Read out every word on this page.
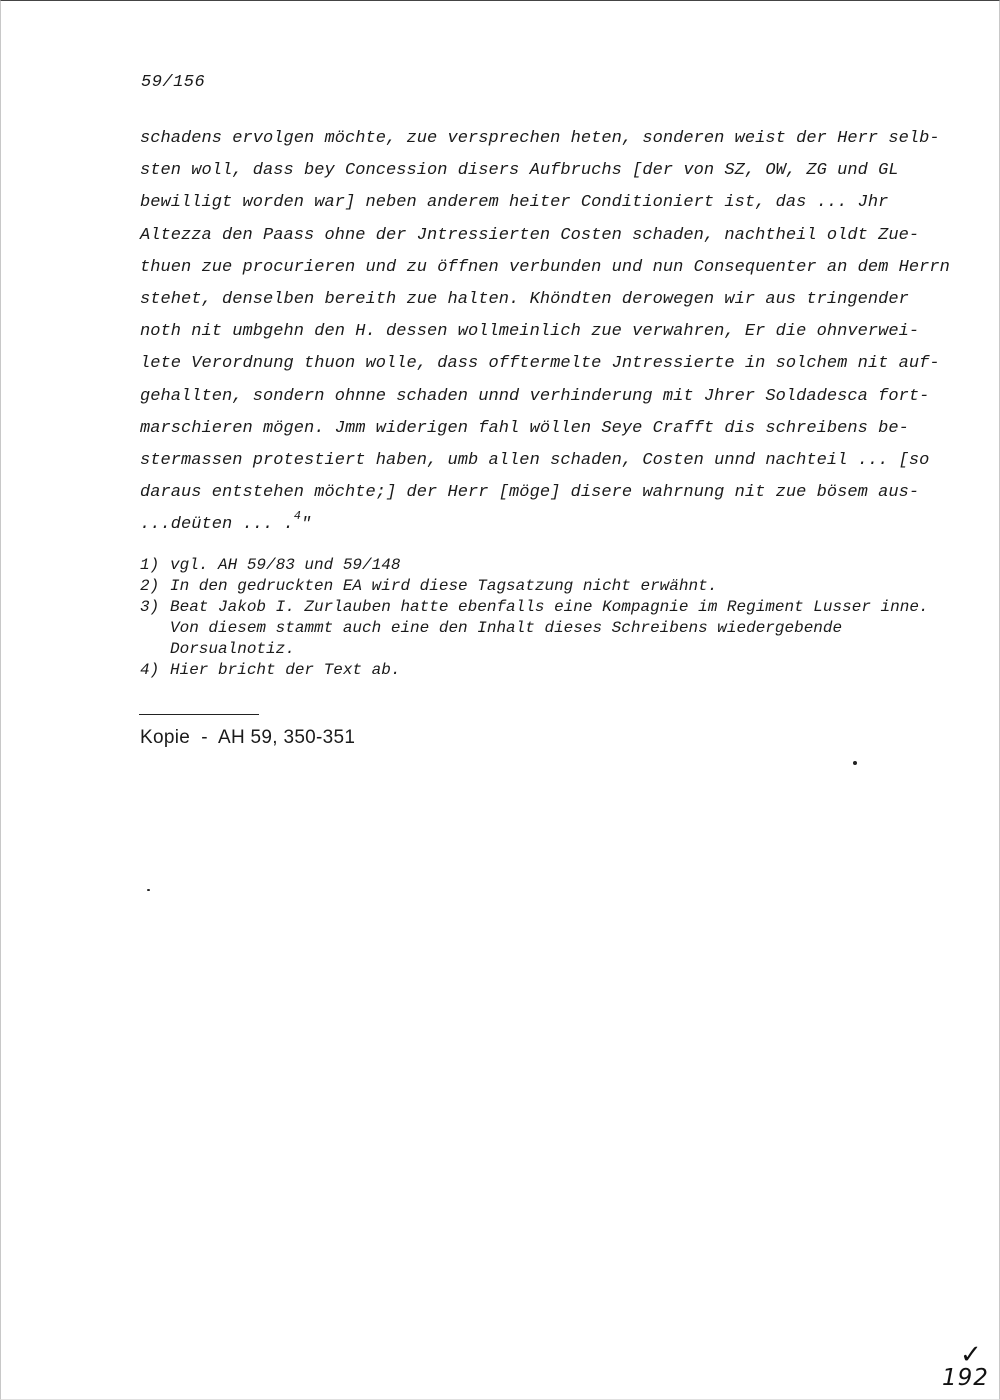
59/156
schadens ervolgen möchte, zue versprechen heten, sonderen weist der Herr selb-
sten woll, dass bey Concession disers Aufbruchs [der von SZ, OW, ZG und GL
bewilligt worden war] neben anderem heiter Conditioniert ist, das ... Jhr
Altezza den Paass ohne der Jntressierten Costen schaden, nachtheil oldt Zue-
thuen zue procurieren und zu öffnen verbunden und nun Consequenter an dem Herrn
stehet, denselben bereith zue halten. Khöndten derowegen wir aus tringender
noth nit umbgehn den H. dessen wollmeinlich zue verwahren, Er die ohnverwei-
lete Verordnung thuon wolle, dass offtermelte Jntressierte in solchem nit auf-
gehallten, sondern ohnne schaden unnd verhinderung mit Jhrer Soldadesca fort-
marschieren mögen. Jmm widerigen fahl wöllen Seye Crafft dis schreibens be-
stermassen protestiert haben, umb allen schaden, Costen unnd nachteil ... [so
daraus entstehen möchte;] der Herr [möge] disere wahrnung nit zue bösem aus-
...deüten ... .$^4$"
1) vgl. AH 59/83 und 59/148
2) In den gedruckten EA wird diese Tagsatzung nicht erwähnt.
3) Beat Jakob I. Zurlauben hatte ebenfalls eine Kompagnie im Regiment Lusser inne. Von diesem stammt auch eine den Inhalt dieses Schreibens wiedergebende Dorsualnotiz.
4) Hier bricht der Text ab.
Kopie  -  AH 59, 350-351
✓
192
